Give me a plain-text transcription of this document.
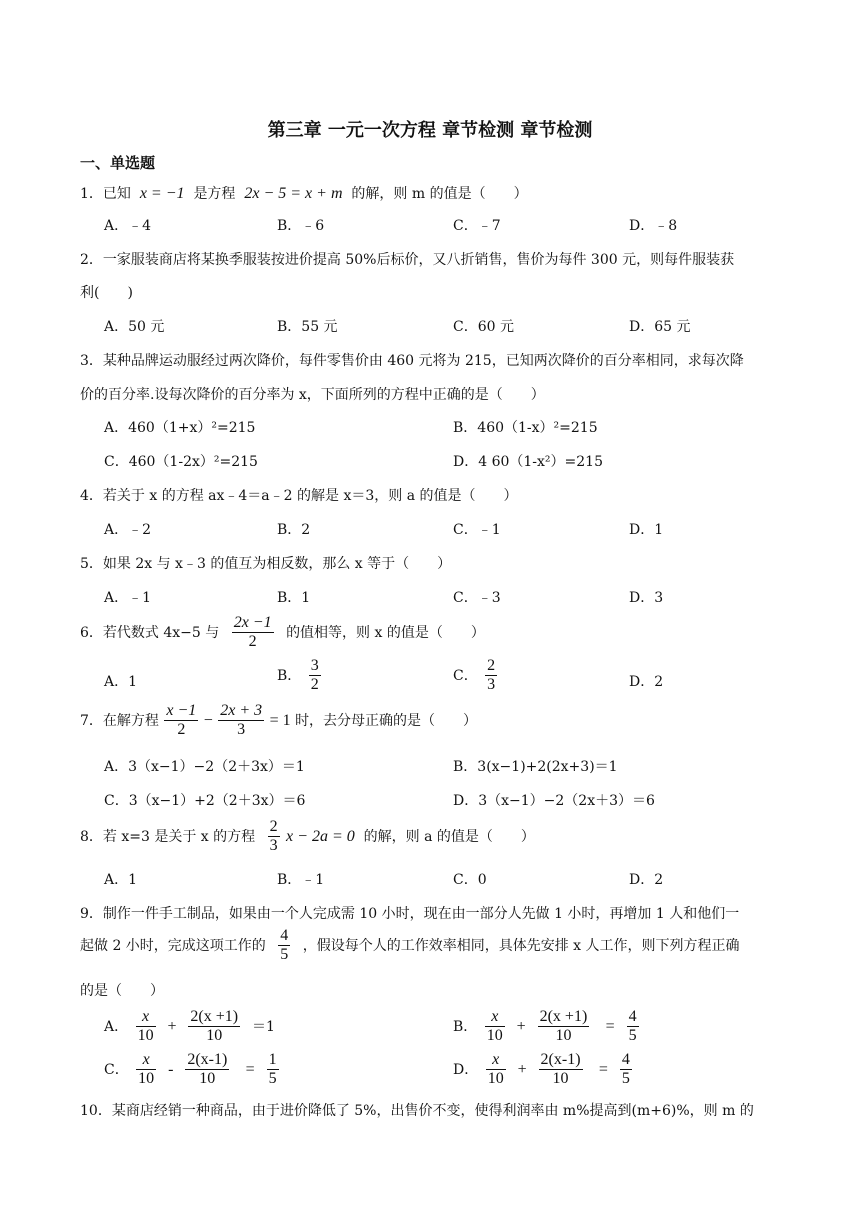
第三章 一元一次方程 章节检测 章节检测
一、单选题
1．已知 x = −1 是方程 2x − 5 = x + m 的解，则 m 的值是（　　）
A．﹣4	B．﹣6	C．﹣7	D．﹣8
2．一家服装商店将某换季服装按进价提高 50%后标价，又八折销售，售价为每件 300 元，则每件服装获
利(　　)
A．50 元	B．55 元	C．60 元	D．65 元
3．某种品牌运动服经过两次降价，每件零售价由 460 元将为 215，已知两次降价的百分率相同，求每次降
价的百分率.设每次降价的百分率为 x，下面所列的方程中正确的是（　　）
A．460（1+x）²=215	B．460（1-x）²=215
C．460（1-2x）²=215	D．4 60（1-x²）=215
4．若关于 x 的方程 ax﹣4＝a﹣2 的解是 x＝3，则 a 的值是（　　）
A．﹣2	B．2	C．﹣1	D．1
5．如果 2x 与 x﹣3 的值互为相反数，那么 x 等于（　　）
A．﹣1	B．1	C．﹣3	D．3
6．若代数式 4x−5 与 $\frac{2x -1}{2}$ 的值相等，则 x 的值是（　　）
A．1	B． $\frac{3}{2}$	C． $\frac{2}{3}$	D．2
7．在解方程 $\frac{x -1}{2} - \frac{2x + 3}{3} = 1$ 时，去分母正确的是（　　）
A．3（x−1）−2（2＋3x）＝1	B．3(x−1)+2(2x+3)＝1
C．3（x−1）+2（2＋3x）＝6	D．3（x−1）−2（2x＋3）＝6
8．若 x=3 是关于 x 的方程 $\frac{2}{3}$ x − 2a = 0 的解，则 a 的值是（　　）
A．1	B．﹣1	C．0	D．2
9．制作一件手工制品，如果由一个人完成需 10 小时，现在由一部分人先做 1 小时，再增加 1 人和他们一
起做 2 小时，完成这项工作的 $\frac{4}{5}$ ，假设每个人的工作效率相同，具体先安排 x 人工作，则下列方程正确
的是（　　）
A． $\frac{x}{10} + \frac{2(x +1)}{10} =1$	B． $\frac{x}{10} + \frac{2(x +1)}{10} = \frac{4}{5}$
C． $\frac{x}{10} - \frac{2(x-1)}{10} = \frac{1}{5}$	D． $\frac{x}{10} + \frac{2(x-1)}{10} = \frac{4}{5}$
10．某商店经销一种商品，由于进价降低了 5%，出售价不变，使得利润率由 m%提高到(m+6)%，则 m 的
